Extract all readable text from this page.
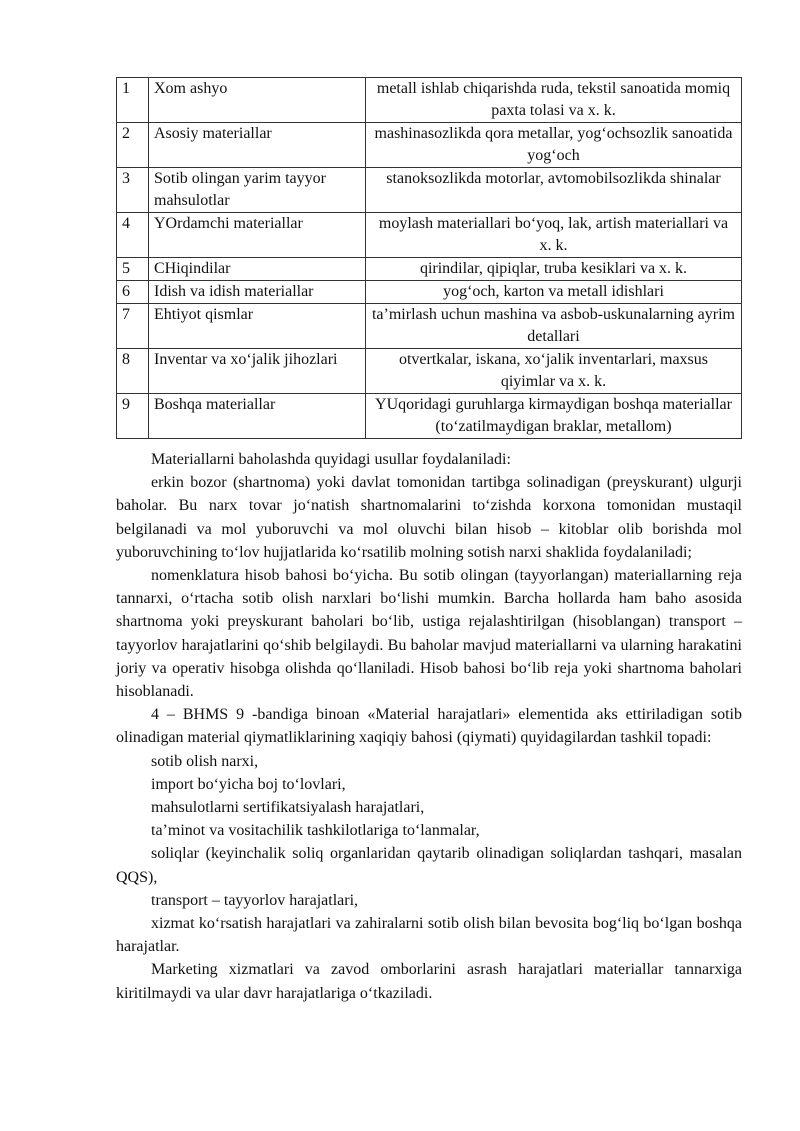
1	Xom ashyo	metall ishlab chiqarishda ruda, tekstil sanoatida momiq paxta tolasi va x. k.
2	Asosiy materiallar	mashinasozlikda qora metallar, yog‘ochsozlik sanoatida yog‘och
3	Sotib olingan yarim tayyor mahsulotlar	stanoksozlikda motorlar, avtomobilsozlikda shinalar
4	YOrdamchi materiallar	moylash materiallari bo‘yoq, lak, artish materiallari va x. k.
5	CHiqindilar	qirindilar, qipiqlar, truba kesiklari va x. k.
6	Idish va idish materiallar	yog‘och, karton va metall idishlari
7	Ehtiyot qismlar	ta’mirlash uchun mashina va asbob-uskunalarning ayrim detallari
8	Inventar va xo‘jalik jihozlari	otvertkalar, iskana, xo‘jalik inventarlari, maxsus qiyimlar va x. k.
9	Boshqa materiallar	YUqoridagi guruhlarga kirmaydigan boshqa materiallar (to‘zatilmaydigan braklar, metallom)

Materiallarni baholashda quyidagi usullar foydalaniladi:

erkin bozor (shartnoma) yoki davlat tomonidan tartibga solinadigan (preyskurant) ulgurji baholar. Bu narx tovar jo‘natish shartnomalarini to‘zishda korxona tomonidan mustaqil belgilanadi va mol yuboruvchi va mol oluvchi bilan hisob – kitoblar olib borishda mol yuboruvchining to‘lov hujjatlarida ko‘rsatilib molning sotish narxi shaklida foydalaniladi;

nomenklatura hisob bahosi bo‘yicha. Bu sotib olingan (tayyorlangan) materiallarning reja tannarxi, o‘rtacha sotib olish narxlari bo‘lishi mumkin. Barcha hollarda ham baho asosida shartnoma yoki preyskurant baholari bo‘lib, ustiga rejalashtirilgan (hisoblangan) transport – tayyorlov harajatlarini qo‘shib belgilaydi. Bu baholar mavjud materiallarni va ularning harakatini joriy va operativ hisobga olishda qo‘llaniladi. Hisob bahosi bo‘lib reja yoki shartnoma baholari hisoblanadi.

4 – BHMS 9 -bandiga binoan «Material harajatlari» elementida aks ettiriladigan sotib olinadigan material qiymatliklarining xaqiqiy bahosi (qiymati) quyidagilardan tashkil topadi:

sotib olish narxi,

import bo‘yicha boj to‘lovlari,

mahsulotlarni sertifikatsiyalash harajatlari,

ta’minot va vositachilik tashkilotlariga to‘lanmalar,

soliqlar (keyinchalik soliq organlaridan qaytarib olinadigan soliqlardan tashqari, masalan QQS),

transport – tayyorlov harajatlari,

xizmat ko‘rsatish harajatlari va zahiralarni sotib olish bilan bevosita bog‘liq bo‘lgan boshqa harajatlar.

Marketing xizmatlari va zavod omborlarini asrash harajatlari materiallar tannarxiga kiritilmaydi va ular davr harajatlariga o‘tkaziladi.
